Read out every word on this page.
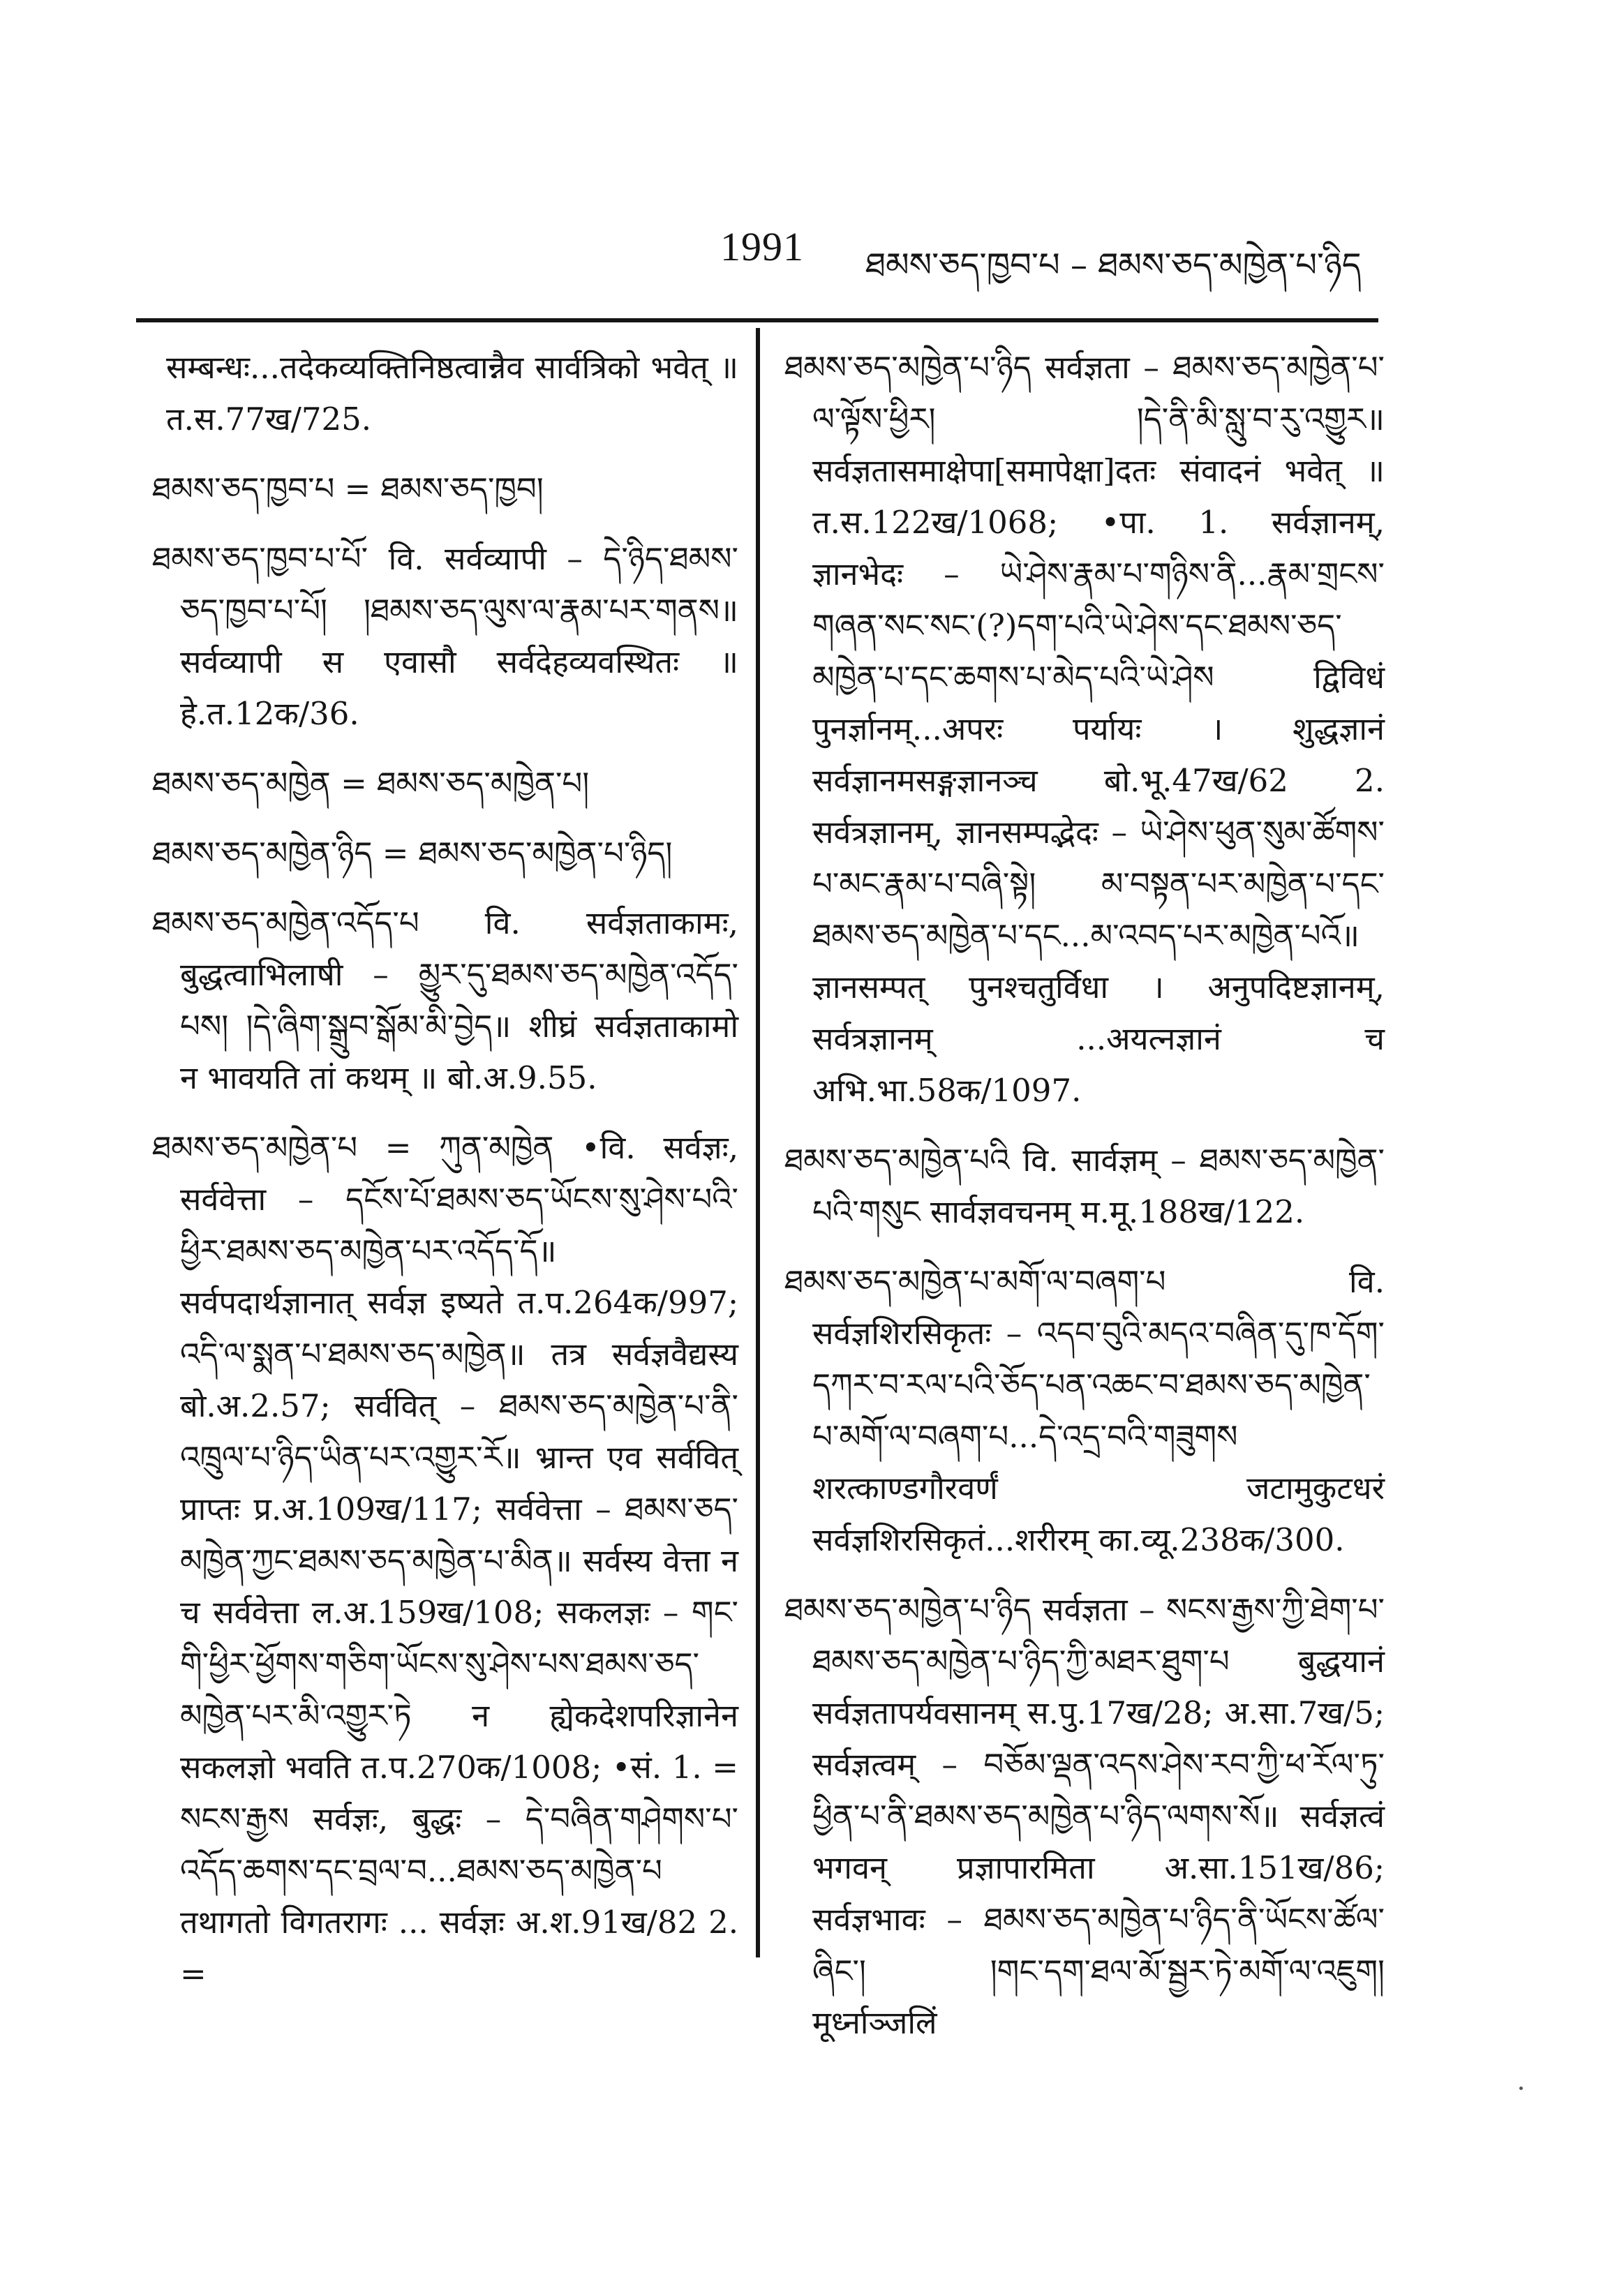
1991 ཐམས་ཅད་ཁྱབ་པ – ཐམས་ཅད་མཁྱེན་པ་ཉིད

सम्बन्धः...तदेकव्यक्तिनिष्ठत्वान्नैव सार्वत्रिको भवेत् ॥ त.स.77ख/725.

ཐམས་ཅད་ཁྱབ་པ = ཐམས་ཅད་ཁྱབ།

ཐམས་ཅད་ཁྱབ་པ་པོ་ वि. सर्वव्यापी – དེ་ཉིད་ཐམས་ཅད་ཁྱབ་པ་པོ། །ཐམས་ཅད་ལུས་ལ་རྣམ་པར་གནས॥ सर्वव्यापी स एवासौ सर्वदेहव्यवस्थितः ॥ हे.त.12क/36.

ཐམས་ཅད་མཁྱེན = ཐམས་ཅད་མཁྱེན་པ།

ཐམས་ཅད་མཁྱེན་ཉིད = ཐམས་ཅད་མཁྱེན་པ་ཉིད།

ཐམས་ཅད་མཁྱེན་འདོད་པ वि. सर्वज्ञताकामः, बुद्धत्वाभिलाषी – མྱུར་དུ་ཐམས་ཅད་མཁྱེན་འདོད་པས། །དེ་ཞིག་སྒྲུབ་སྒོམ་མི་བྱེད॥ शीघ्रं सर्वज्ञताकामो न भावयति तां कथम् ॥ बो.अ.9.55.

ཐམས་ཅད་མཁྱེན་པ = ཀུན་མཁྱེན •वि. सर्वज्ञः, सर्ववेत्ता – དངོས་པོ་ཐམས་ཅད་ཡོངས་སུ་ཤེས་པའི་ཕྱིར་ཐམས་ཅད་མཁྱེན་པར་འདོད་དོ॥ सर्वपदार्थज्ञानात् सर्वज्ञ इष्यते त.प.264क/997; འདི་ལ་སྨན་པ་ཐམས་ཅད་མཁྱེན॥ तत्र सर्वज्ञवैद्यस्य बो.अ.2.57; सर्ववित् – ཐམས་ཅད་མཁྱེན་པ་ནི་འཁྲུལ་པ་ཉིད་ཡིན་པར་འགྱུར་རོ॥ भ्रान्त एव सर्ववित् प्राप्तः प्र.अ.109ख/117; सर्ववेत्ता – ཐམས་ཅད་མཁྱེན་ཀྱང་ཐམས་ཅད་མཁྱེན་པ་མིན॥ सर्वस्य वेत्ता न च सर्ववेत्ता ल.अ.159ख/108; सकलज्ञः – གང་གི་ཕྱིར་ཕྱོགས་གཅིག་ཡོངས་སུ་ཤེས་པས་ཐམས་ཅད་མཁྱེན་པར་མི་འགྱུར་ཏེ न ह्येकदेशपरिज्ञानेन सकलज्ञो भवति त.प.270क/1008; •सं. 1. = སངས་རྒྱས सर्वज्ञः, बुद्धः – དེ་བཞིན་གཤེགས་པ་འདོད་ཆགས་དང་བྲལ་བ...ཐམས་ཅད་མཁྱེན་པ तथागतो विगतरागः ... सर्वज्ञः अ.श.91ख/82 2. =

ཐམས་ཅད་མཁྱེན་པ་ཉིད सर्वज्ञता – ཐམས་ཅད་མཁྱེན་པ་ལ་ལྟོས་ཕྱིར། །དེ་ནི་མི་སླུ་བ་རུ་འགྱུར॥ सर्वज्ञतासमाक्षेपा[समापेक्षा]दतः संवादनं भवेत् ॥ त.स.122ख/1068; •पा. 1. सर्वज्ञानम्, ज्ञानभेदः – ཡེ་ཤེས་རྣམ་པ་གཉིས་ནི...རྣམ་གྲངས་གཞན་སང་སང་(?)དག་པའི་ཡེ་ཤེས་དང་ཐམས་ཅད་མཁྱེན་པ་དང་ཆགས་པ་མེད་པའི་ཡེ་ཤེས द्विविधं पुनर्ज्ञानम्...अपरः पर्यायः । शुद्धज्ञानं सर्वज्ञानमसङ्गज्ञानञ्च बो.भू.47ख/62 2. सर्वत्रज्ञानम्, ज्ञानसम्पद्भेदः – ཡེ་ཤེས་ཕུན་སུམ་ཚོགས་པ་མང་རྣམ་པ་བཞི་སྟེ། མ་བསྟན་པར་མཁྱེན་པ་དང་ཐམས་ཅད་མཁྱེན་པ་དང...མ་འབད་པར་མཁྱེན་པའོ॥ ज्ञानसम्पत् पुनश्चतुर्विधा । अनुपदिष्टज्ञानम्, सर्वत्रज्ञानम् ...अयत्नज्ञानं च अभि.भा.58क/1097.

ཐམས་ཅད་མཁྱེན་པའི वि. सार्वज्ञम् – ཐམས་ཅད་མཁྱེན་པའི་གསུང सार्वज्ञवचनम् म.मू.188ख/122.

ཐམས་ཅད་མཁྱེན་པ་མགོ་ལ་བཞག་པ वि. सर्वज्ञशिरसिकृतः – འདབ་བུའི་མདའ་བཞིན་དུ་ཁ་དོག་དཀར་བ་རལ་པའི་ཅོད་པན་འཆང་བ་ཐམས་ཅད་མཁྱེན་པ་མགོ་ལ་བཞག་པ...དེ་འདྲ་བའི་གཟུགས शरत्काण्डगौरवर्णं जटामुकुटधरं सर्वज्ञशिरसिकृतं...शरीरम् का.व्यू.238क/300.

ཐམས་ཅད་མཁྱེན་པ་ཉིད सर्वज्ञता – སངས་རྒྱས་ཀྱི་ཐེག་པ་ཐམས་ཅད་མཁྱེན་པ་ཉིད་ཀྱི་མཐར་ཐུག་པ बुद्धयानं सर्वज्ञतापर्यवसानम् स.पु.17ख/28; अ.सा.7ख/5; सर्वज्ञत्वम् – བཅོམ་ལྡན་འདས་ཤེས་རབ་ཀྱི་ཕ་རོལ་ཏུ་ཕྱིན་པ་ནི་ཐམས་ཅད་མཁྱེན་པ་ཉིད་ལགས་སོ॥ सर्वज्ञत्वं भगवन् प्रज्ञापारमिता अ.सा.151ख/86; सर्वज्ञभावः – ཐམས་ཅད་མཁྱེན་པ་ཉིད་ནི་ཡོངས་ཚོལ་ཞིང་། །གང་དག་ཐལ་མོ་སྦྱར་ཏེ་མགོ་ལ་འཇུག། मूर्ध्नाञ्जलिं
